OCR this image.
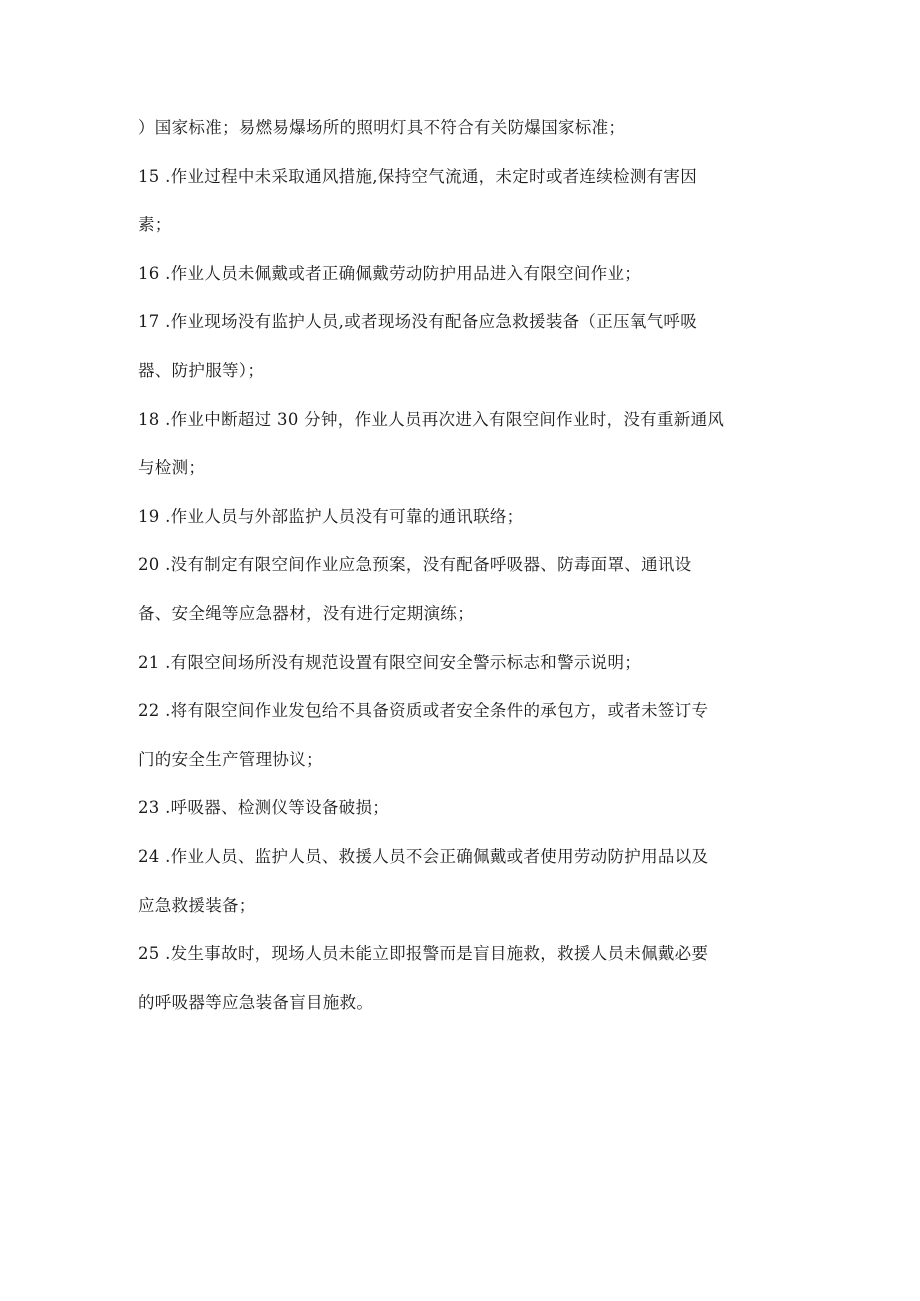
）国家标准；易燃易爆场所的照明灯具不符合有关防爆国家标准；
15 .作业过程中未采取通风措施,保持空气流通，未定时或者连续检测有害因
素；
16 .作业人员未佩戴或者正确佩戴劳动防护用品进入有限空间作业；
17 .作业现场没有监护人员,或者现场没有配备应急救援装备（正压氧气呼吸
器、防护服等）；
18 .作业中断超过 30 分钟，作业人员再次进入有限空间作业时，没有重新通风
与检测；
19 .作业人员与外部监护人员没有可靠的通讯联络；
20 .没有制定有限空间作业应急预案，没有配备呼吸器、防毒面罩、通讯设
备、安全绳等应急器材，没有进行定期演练；
21 .有限空间场所没有规范设置有限空间安全警示标志和警示说明；
22 .将有限空间作业发包给不具备资质或者安全条件的承包方，或者未签订专
门的安全生产管理协议；
23 .呼吸器、检测仪等设备破损；
24 .作业人员、监护人员、救援人员不会正确佩戴或者使用劳动防护用品以及
应急救援装备；
25 .发生事故时，现场人员未能立即报警而是盲目施救，救援人员未佩戴必要
的呼吸器等应急装备盲目施救。
